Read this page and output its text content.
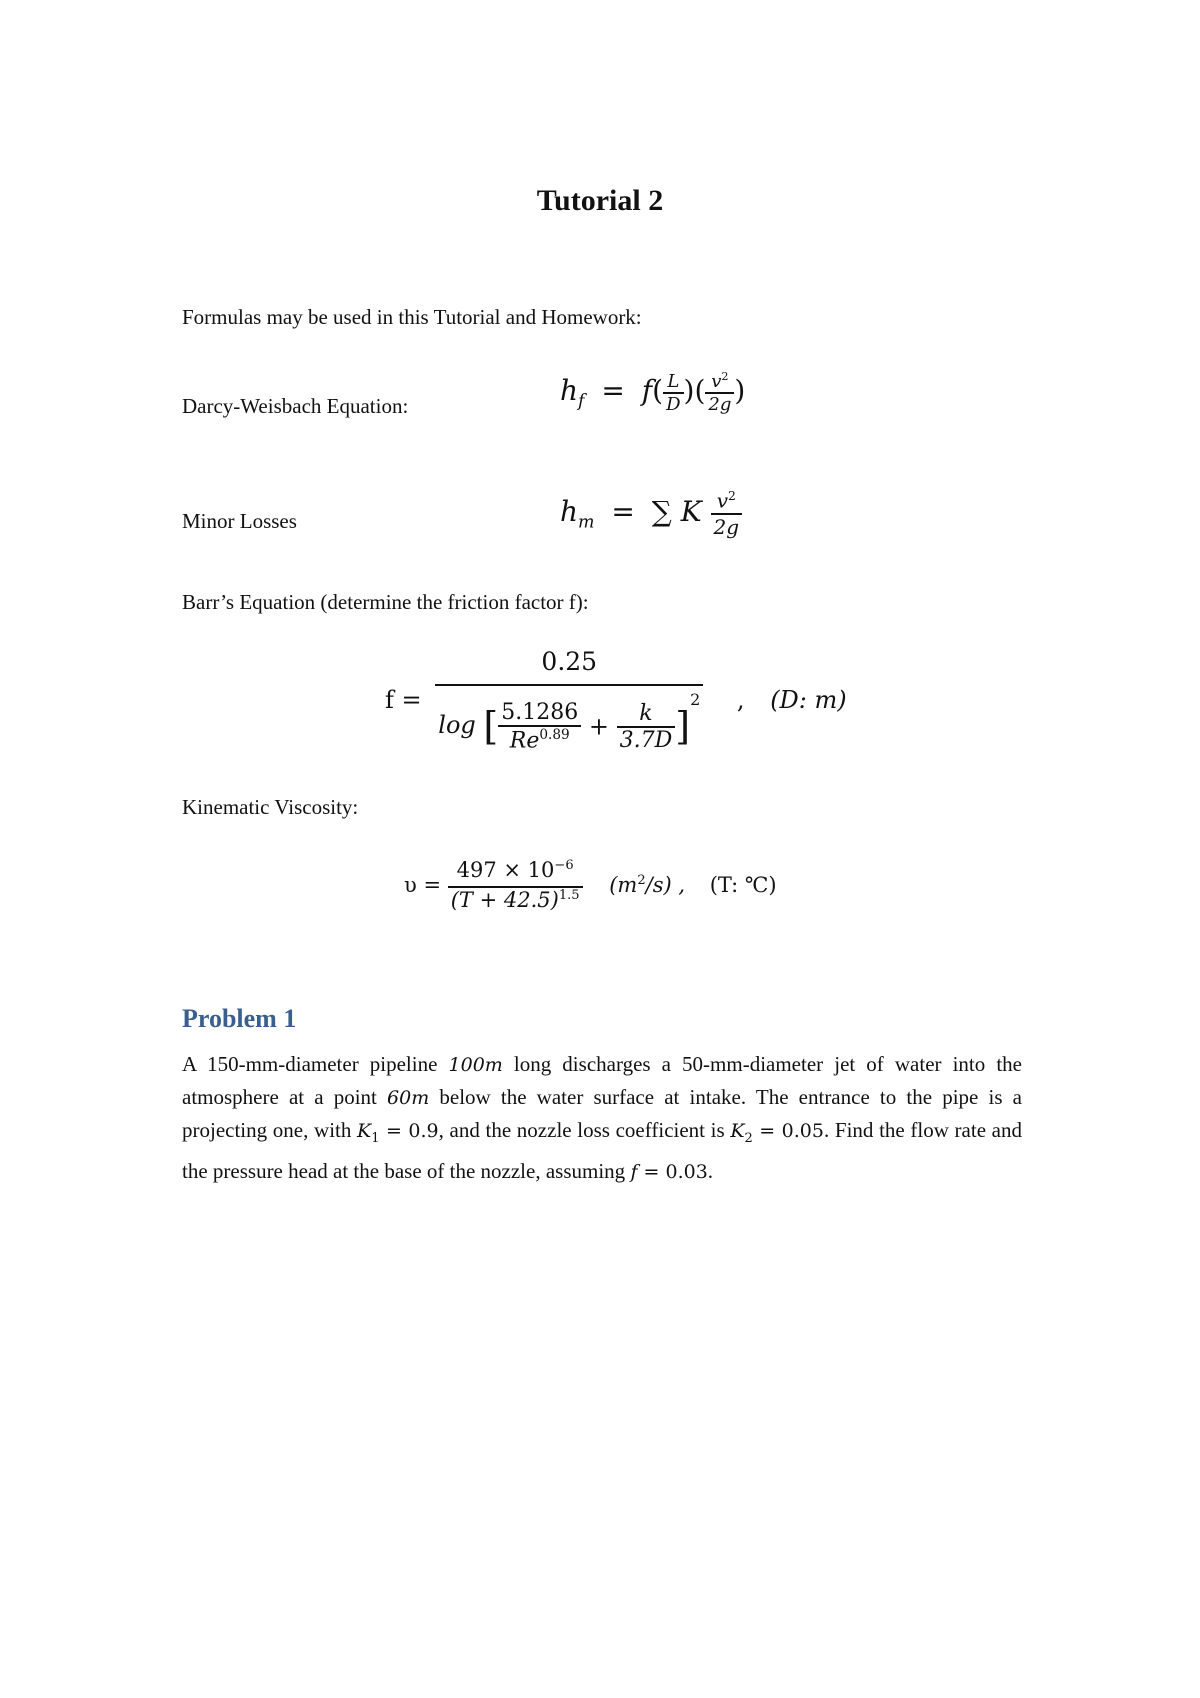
Tutorial 2
Formulas may be used in this Tutorial and Homework:
Darcy-Weisbach Equation:	$h_f = f( \frac{L}{D}$ )( $\frac{v^2}{2g}$ )
Minor Losses	$h_m$ = ∑ K $\frac{v^2}{2g}$
Barr’s Equation (determine the friction factor f):
$f = \frac{0.25}{\log [ \frac{5.1286}{Re^{0.89}} + \frac{k}{3.7D} ]^2}$ , (D: m)
Kinematic Viscosity:
$\upsilon = \frac{497 \times 10^{-6}}{(T + 42.5)^{1.5}} (m^2/s)$ , (T: ℃)
Problem 1
A 150-mm-diameter pipeline 100m long discharges a 50-mm-diameter jet of water into the atmosphere at a point 60m below the water surface at intake. The entrance to the pipe is a projecting one, with $K_1 = 0.9$, and the nozzle loss coefficient is $K_2 = 0.05$. Find the flow rate and the pressure head at the base of the nozzle, assuming f = 0.03.
